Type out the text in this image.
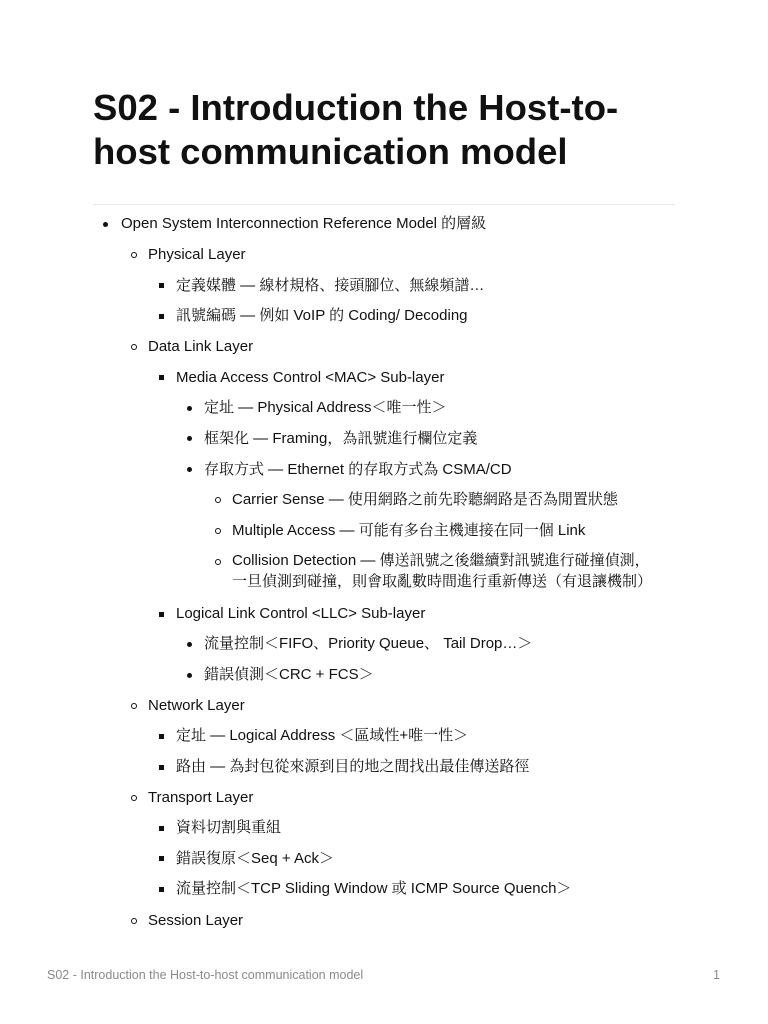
S02 - Introduction the Host-to-host communication model
Open System Interconnection Reference Model 的層級
Physical Layer
定義媒體 — 線材規格、接頭腳位、無線頻譜…
訊號編碼 — 例如 VoIP 的 Coding/ Decoding
Data Link Layer
Media Access Control <MAC> Sub-layer
定址 — Physical Address＜唯一性＞
框架化 — Framing，為訊號進行欄位定義
存取方式 — Ethernet 的存取方式為 CSMA/CD
Carrier Sense — 使用網路之前先聆聽網路是否為閒置狀態
Multiple Access — 可能有多台主機連接在同一個 Link
Collision Detection — 傳送訊號之後繼續對訊號進行碰撞偵測，
一旦偵測到碰撞，則會取亂數時間進行重新傳送（有退讓機制）
Logical Link Control <LLC> Sub-layer
流量控制＜FIFO、Priority Queue、 Tail Drop…＞
錯誤偵測＜CRC + FCS＞
Network Layer
定址 — Logical Address ＜區域性+唯一性＞
路由 — 為封包從來源到目的地之間找出最佳傳送路徑
Transport Layer
資料切割與重組
錯誤復原＜Seq + Ack＞
流量控制＜TCP Sliding Window 或 ICMP Source Quench＞
Session Layer
S02 - Introduction the Host-to-host communication model	1
